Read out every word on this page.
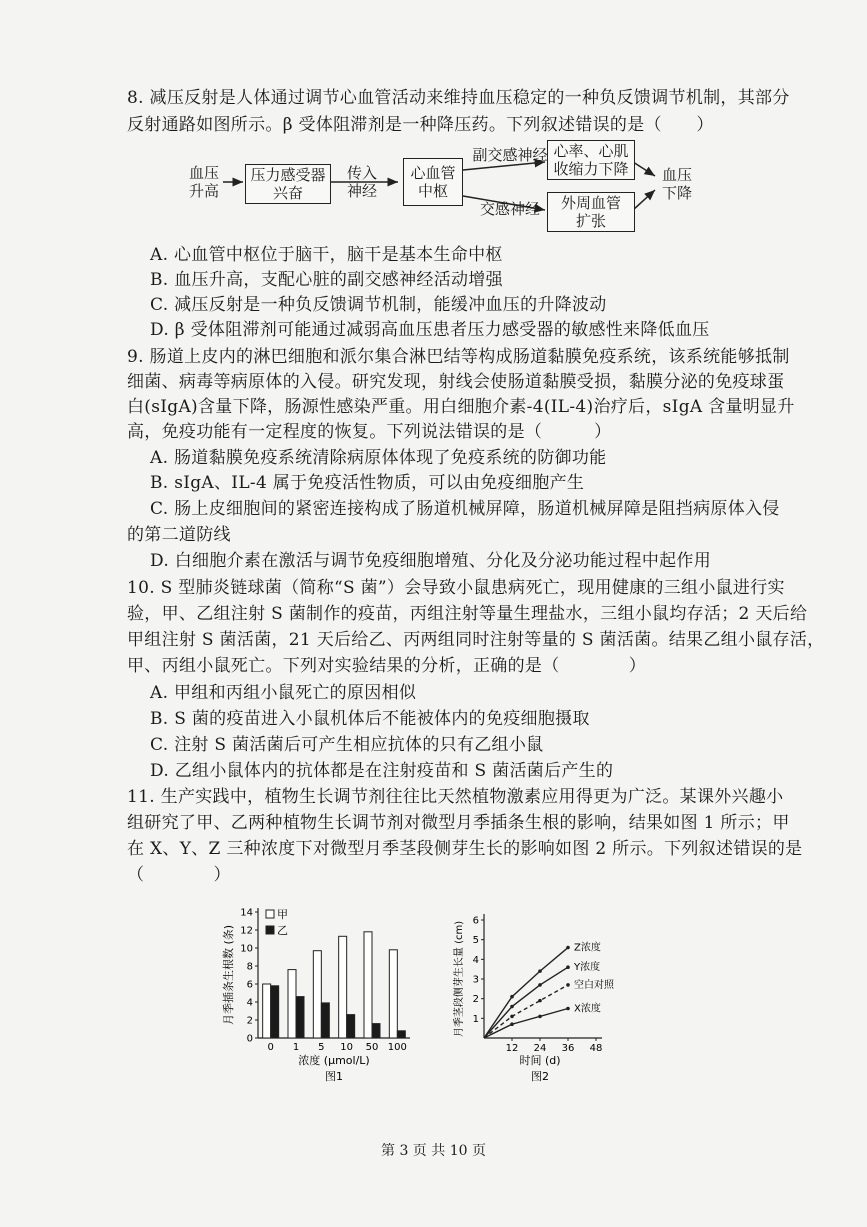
8. 减压反射是人体通过调节心血管活动来维持血压稳定的一种负反馈调节机制，其部分
反射通路如图所示。β 受体阻滞剂是一种降压药。下列叙述错误的是（　　）
血压
升高
压力感受器
兴奋
传入
神经
心血管
中枢
副交感神经
交感神经
心率、心肌
收缩力下降
外周血管
扩张
血压
下降
A. 心血管中枢位于脑干，脑干是基本生命中枢
B. 血压升高，支配心脏的副交感神经活动增强
C. 减压反射是一种负反馈调节机制，能缓冲血压的升降波动
D. β 受体阻滞剂可能通过减弱高血压患者压力感受器的敏感性来降低血压
9. 肠道上皮内的淋巴细胞和派尔集合淋巴结等构成肠道黏膜免疫系统，该系统能够抵制
细菌、病毒等病原体的入侵。研究发现，射线会使肠道黏膜受损，黏膜分泌的免疫球蛋
白(sIgA)含量下降，肠源性感染严重。用白细胞介素-4(IL-4)治疗后，sIgA 含量明显升
高，免疫功能有一定程度的恢复。下列说法错误的是（　　　）
A. 肠道黏膜免疫系统清除病原体体现了免疫系统的防御功能
B. sIgA、IL-4 属于免疫活性物质，可以由免疫细胞产生
C. 肠上皮细胞间的紧密连接构成了肠道机械屏障，肠道机械屏障是阻挡病原体入侵
的第二道防线
D. 白细胞介素在激活与调节免疫细胞增殖、分化及分泌功能过程中起作用
10. S 型肺炎链球菌（简称“S 菌”）会导致小鼠患病死亡，现用健康的三组小鼠进行实
验，甲、乙组注射 S 菌制作的疫苗，丙组注射等量生理盐水，三组小鼠均存活；2 天后给
甲组注射 S 菌活菌，21 天后给乙、丙两组同时注射等量的 S 菌活菌。结果乙组小鼠存活，
甲、丙组小鼠死亡。下列对实验结果的分析，正确的是（　　　　）
A. 甲组和丙组小鼠死亡的原因相似
B. S 菌的疫苗进入小鼠机体后不能被体内的免疫细胞摄取
C. 注射 S 菌活菌后可产生相应抗体的只有乙组小鼠
D. 乙组小鼠体内的抗体都是在注射疫苗和 S 菌活菌后产生的
11. 生产实践中，植物生长调节剂往往比天然植物激素应用得更为广泛。某课外兴趣小
组研究了甲、乙两种植物生长调节剂对微型月季插条生根的影响，结果如图 1 所示；甲
在 X、Y、Z 三种浓度下对微型月季茎段侧芽生长的影响如图 2 所示。下列叙述错误的是
（　　　　）
0
2
4
6
8
10
12
14
0 1 5 10 50 100
甲
乙
月季插条生根数 (条)
浓度 (μmol/L)
图1
1
2
3
4
5
6
12 24 36 48
Z浓度
Y浓度
空白对照
X浓度
月季茎段侧芽生长量 (cm)
时间 (d)
图2
第 3 页 共 10 页
